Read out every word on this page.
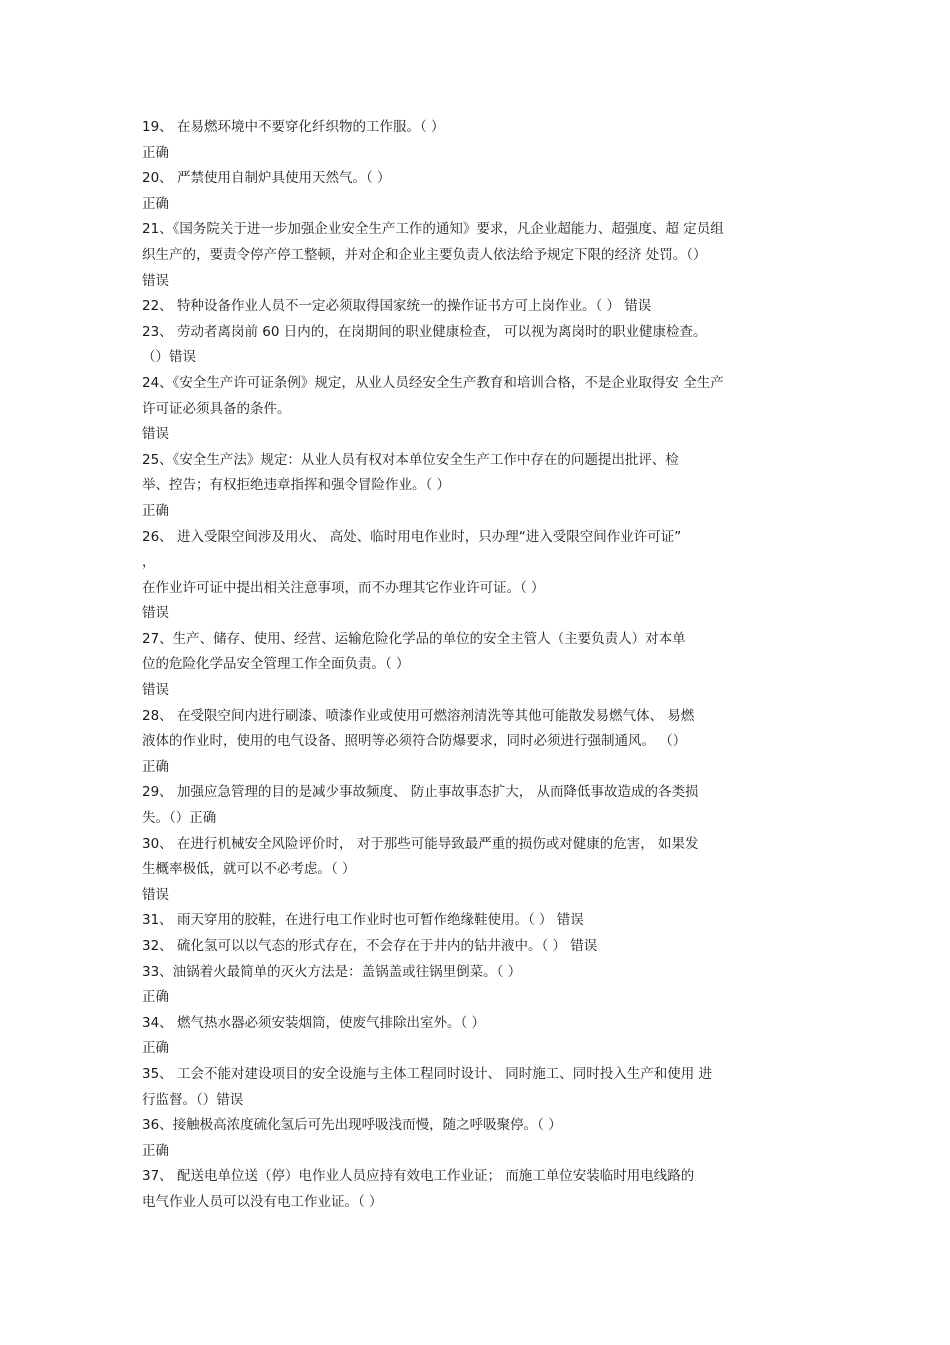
19、 在易燃环境中不要穿化纤织物的工作服。（ ）
正确
20、 严禁使用自制炉具使用天然气。（ ）
正确
21、《国务院关于进一步加强企业安全生产工作的通知》要求，凡企业超能力、超强度、超 定员组
织生产的，要责令停产停工整顿，并对企和企业主要负责人依法给予规定下限的经济 处罚。（）
错误
22、 特种设备作业人员不一定必须取得国家统一的操作证书方可上岗作业。（ ） 错误
23、 劳动者离岗前 60 日内的，在岗期间的职业健康检查， 可以视为离岗时的职业健康检查。
（）错误
24、《安全生产许可证条例》规定，从业人员经安全生产教育和培训合格，不是企业取得安 全生产
许可证必须具备的条件。
错误
25、《安全生产法》规定：从业人员有权对本单位安全生产工作中存在的问题提出批评、检
举、控告；有权拒绝违章指挥和强令冒险作业。（ ）
正确
26、 进入受限空间涉及用火、 高处、临时用电作业时，只办理“进入受限空间作业许可证”
，
在作业许可证中提出相关注意事项，而不办理其它作业许可证。（ ）
错误
27、生产、储存、使用、经营、运输危险化学品的单位的安全主管人（主要负责人）对本单
位的危险化学品安全管理工作全面负责。（ ）
错误
28、 在受限空间内进行刷漆、喷漆作业或使用可燃溶剂清洗等其他可能散发易燃气体、 易燃
液体的作业时，使用的电气设备、照明等必须符合防爆要求，同时必须进行强制通风。 （）
正确
29、 加强应急管理的目的是减少事故频度、 防止事故事态扩大， 从而降低事故造成的各类损
失。（）正确
30、 在进行机械安全风险评价时， 对于那些可能导致最严重的损伤或对健康的危害， 如果发
生概率极低，就可以不必考虑。（ ）
错误
31、 雨天穿用的胶鞋，在进行电工作业时也可暂作绝缘鞋使用。（ ） 错误
32、 硫化氢可以以气态的形式存在，不会存在于井内的钻井液中。（ ） 错误
33、油锅着火最简单的灭火方法是：盖锅盖或往锅里倒菜。（ ）
正确
34、 燃气热水器必须安装烟筒，使废气排除出室外。（ ）
正确
35、 工会不能对建设项目的安全设施与主体工程同时设计、 同时施工、同时投入生产和使用 进
行监督。（）错误
36、接触极高浓度硫化氢后可先出现呼吸浅而慢，随之呼吸聚停。（ ）
正确
37、 配送电单位送（停）电作业人员应持有效电工作业证； 而施工单位安装临时用电线路的
电气作业人员可以没有电工作业证。（ ）
